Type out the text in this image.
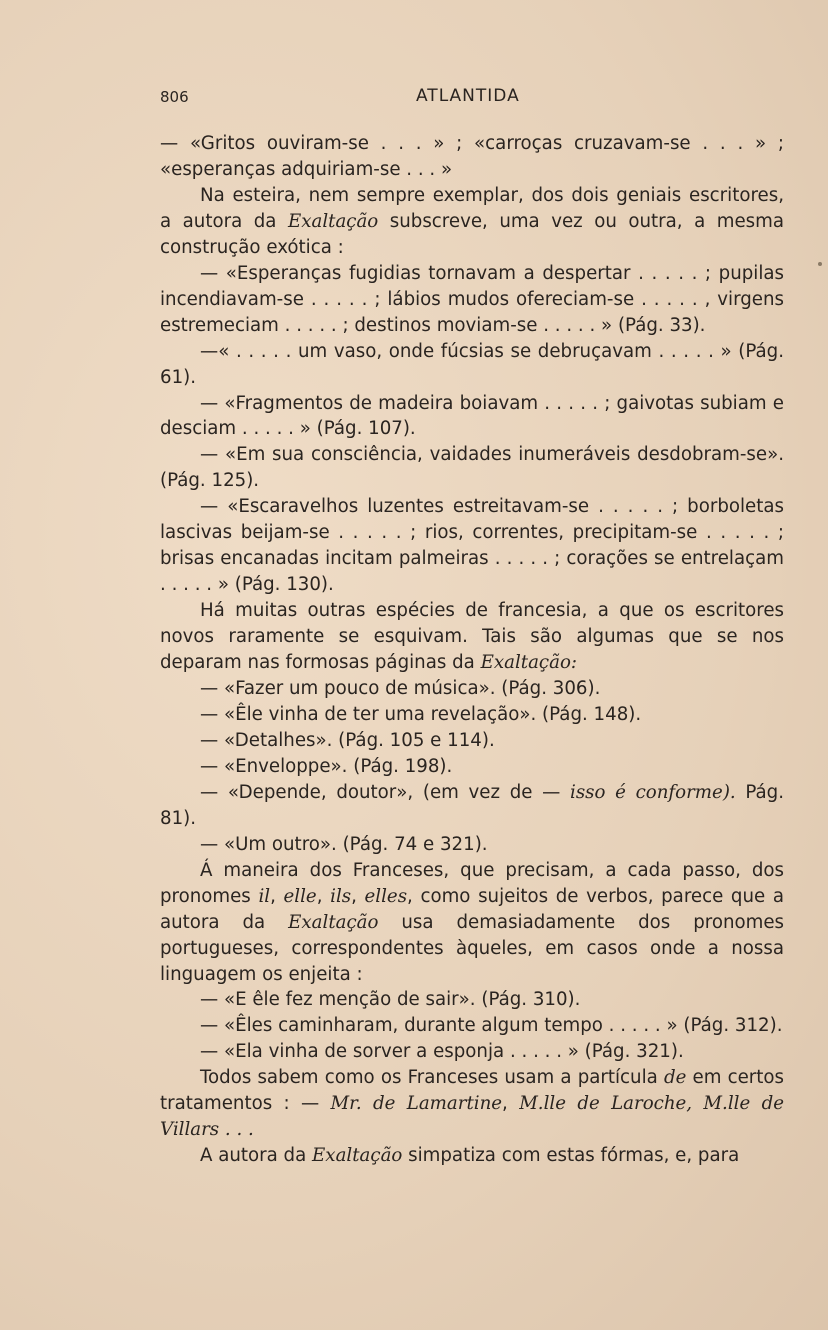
806	ATLANTIDA

— «Gritos ouviram-se . . . » ; «carroças cruzavam-se . . . » ; «esperanças adquiriam-se . . . »

Na esteira, nem sempre exemplar, dos dois geniais escritores, a autora da Exaltação subscreve, uma vez ou outra, a mesma construção exótica :

— «Esperanças fugidias tornavam a despertar . . . . . ; pupilas incendiavam-se . . . . . ; lábios mudos ofereciam-se . . . . . , virgens estremeciam . . . . . ; destinos moviam-se . . . . . » (Pág. 33).

—« . . . . . um vaso, onde fúcsias se debruçavam . . . . . » (Pág. 61).

— «Fragmentos de madeira boiavam . . . . . ; gaivotas subiam e desciam . . . . . » (Pág. 107).

— «Em sua consciência, vaidades inumeráveis desdobram-se». (Pág. 125).

— «Escaravelhos luzentes estreitavam-se . . . . . ; borboletas lascivas beijam-se . . . . . ; rios, correntes, precipitam-se . . . . . ; brisas encanadas incitam palmeiras . . . . . ; corações se entrelaçam . . . . . » (Pág. 130).

Há muitas outras espécies de francesia, a que os escritores novos raramente se esquivam. Tais são algumas que se nos deparam nas formosas páginas da Exaltação:

— «Fazer um pouco de música». (Pág. 306).

— «Êle vinha de ter uma revelação». (Pág. 148).

— «Detalhes». (Pág. 105 e 114).

— «Enveloppe». (Pág. 198).

— «Depende, doutor», (em vez de — isso é conforme). Pág. 81).

— «Um outro». (Pág. 74 e 321).

Á maneira dos Franceses, que precisam, a cada passo, dos pronomes il, elle, ils, elles, como sujeitos de verbos, parece que a autora da Exaltação usa demasiadamente dos pronomes portugueses, correspondentes àqueles, em casos onde a nossa linguagem os enjeita :

— «E êle fez menção de sair». (Pág. 310).

— «Êles caminharam, durante algum tempo . . . . . » (Pág. 312).

— «Ela vinha de sorver a esponja . . . . . » (Pág. 321).

Todos sabem como os Franceses usam a partícula de em certos tratamentos : — Mr. de Lamartine, M.lle de Laroche, M.lle de Villars . . .

A autora da Exaltação simpatiza com estas fórmas, e, para
